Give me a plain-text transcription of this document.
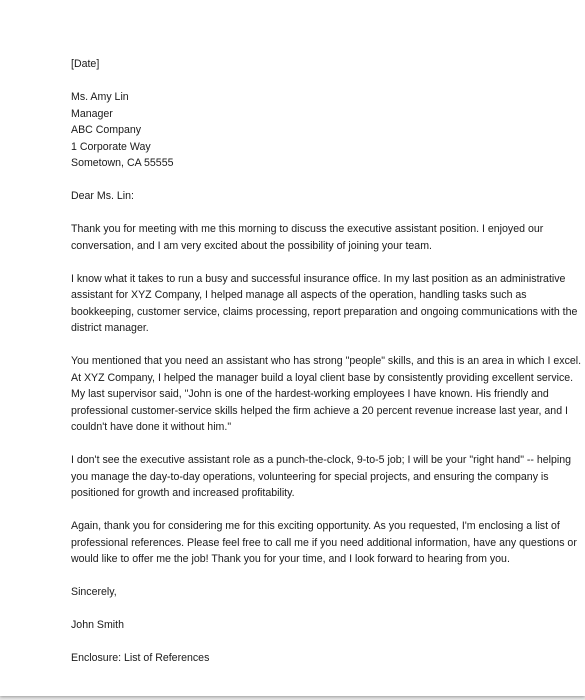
[Date]
Ms. Amy Lin
Manager
ABC Company
1 Corporate Way
Sometown, CA 55555
Dear Ms. Lin:
Thank you for meeting with me this morning to discuss the executive assistant position. I enjoyed our
conversation, and I am very excited about the possibility of joining your team.
I know what it takes to run a busy and successful insurance office. In my last position as an administrative
assistant for XYZ Company, I helped manage all aspects of the operation, handling tasks such as
bookkeeping, customer service, claims processing, report preparation and ongoing communications with the
district manager.
You mentioned that you need an assistant who has strong "people" skills, and this is an area in which I excel.
At XYZ Company, I helped the manager build a loyal client base by consistently providing excellent service.
My last supervisor said, "John is one of the hardest-working employees I have known. His friendly and
professional customer-service skills helped the firm achieve a 20 percent revenue increase last year, and I
couldn't have done it without him."
I don't see the executive assistant role as a punch-the-clock, 9-to-5 job; I will be your "right hand" -- helping
you manage the day-to-day operations, volunteering for special projects, and ensuring the company is
positioned for growth and increased profitability.
Again, thank you for considering me for this exciting opportunity. As you requested, I'm enclosing a list of
professional references. Please feel free to call me if you need additional information, have any questions or
would like to offer me the job! Thank you for your time, and I look forward to hearing from you.
Sincerely,
John Smith
Enclosure: List of References
